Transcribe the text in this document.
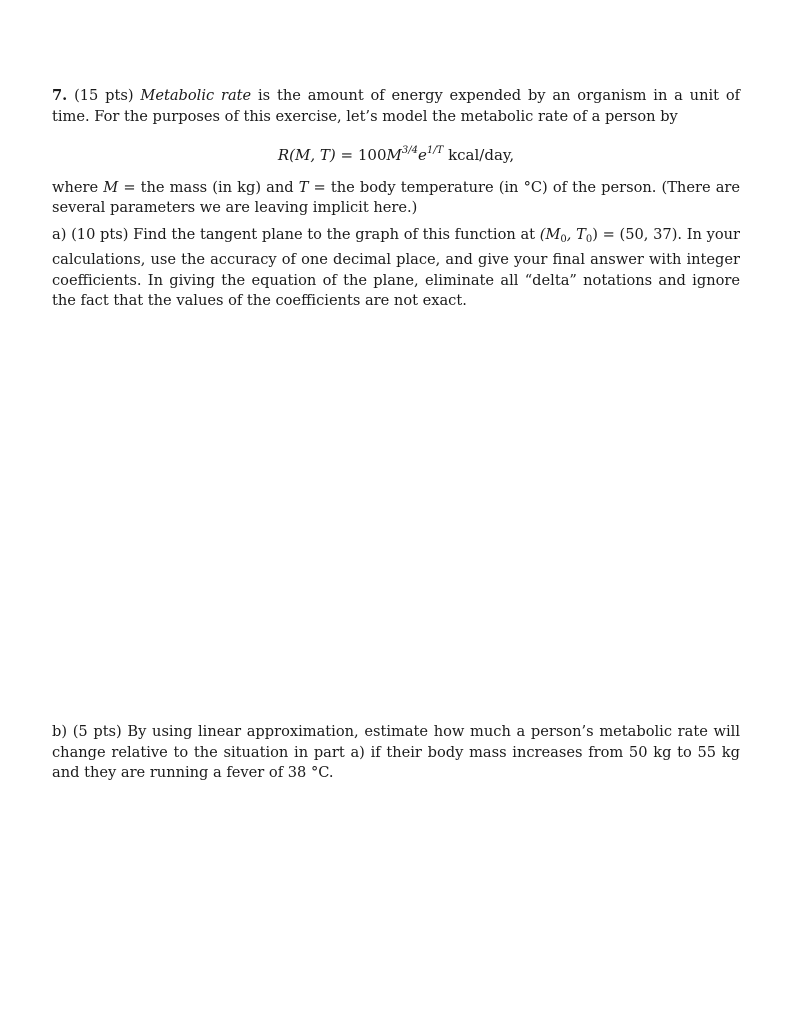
7. (15 pts) Metabolic rate is the amount of energy expended by an organism in a unit of time. For the purposes of this exercise, let’s model the metabolic rate of a person by

R(M, $T) = 100M^{3/4}e^{1/T}$ kcal/day,

where M = the mass (in kg) and T = the body temperature (in °C) of the person. (There are several parameters we are leaving implicit here.)

a) (10 pts) Find the tangent plane to the graph of this function at ($M_0$, $T_0) = (50$, 37). In your calculations, use the accuracy of one decimal place, and give your final answer with integer coefficients. In giving the equation of the plane, eliminate all “delta” notations and ignore the fact that the values of the coefficients are not exact.

b) (5 pts) By using linear approximation, estimate how much a person’s metabolic rate will change relative to the situation in part a) if their body mass increases from 50 kg to 55 kg and they are running a fever of 38 °C.
